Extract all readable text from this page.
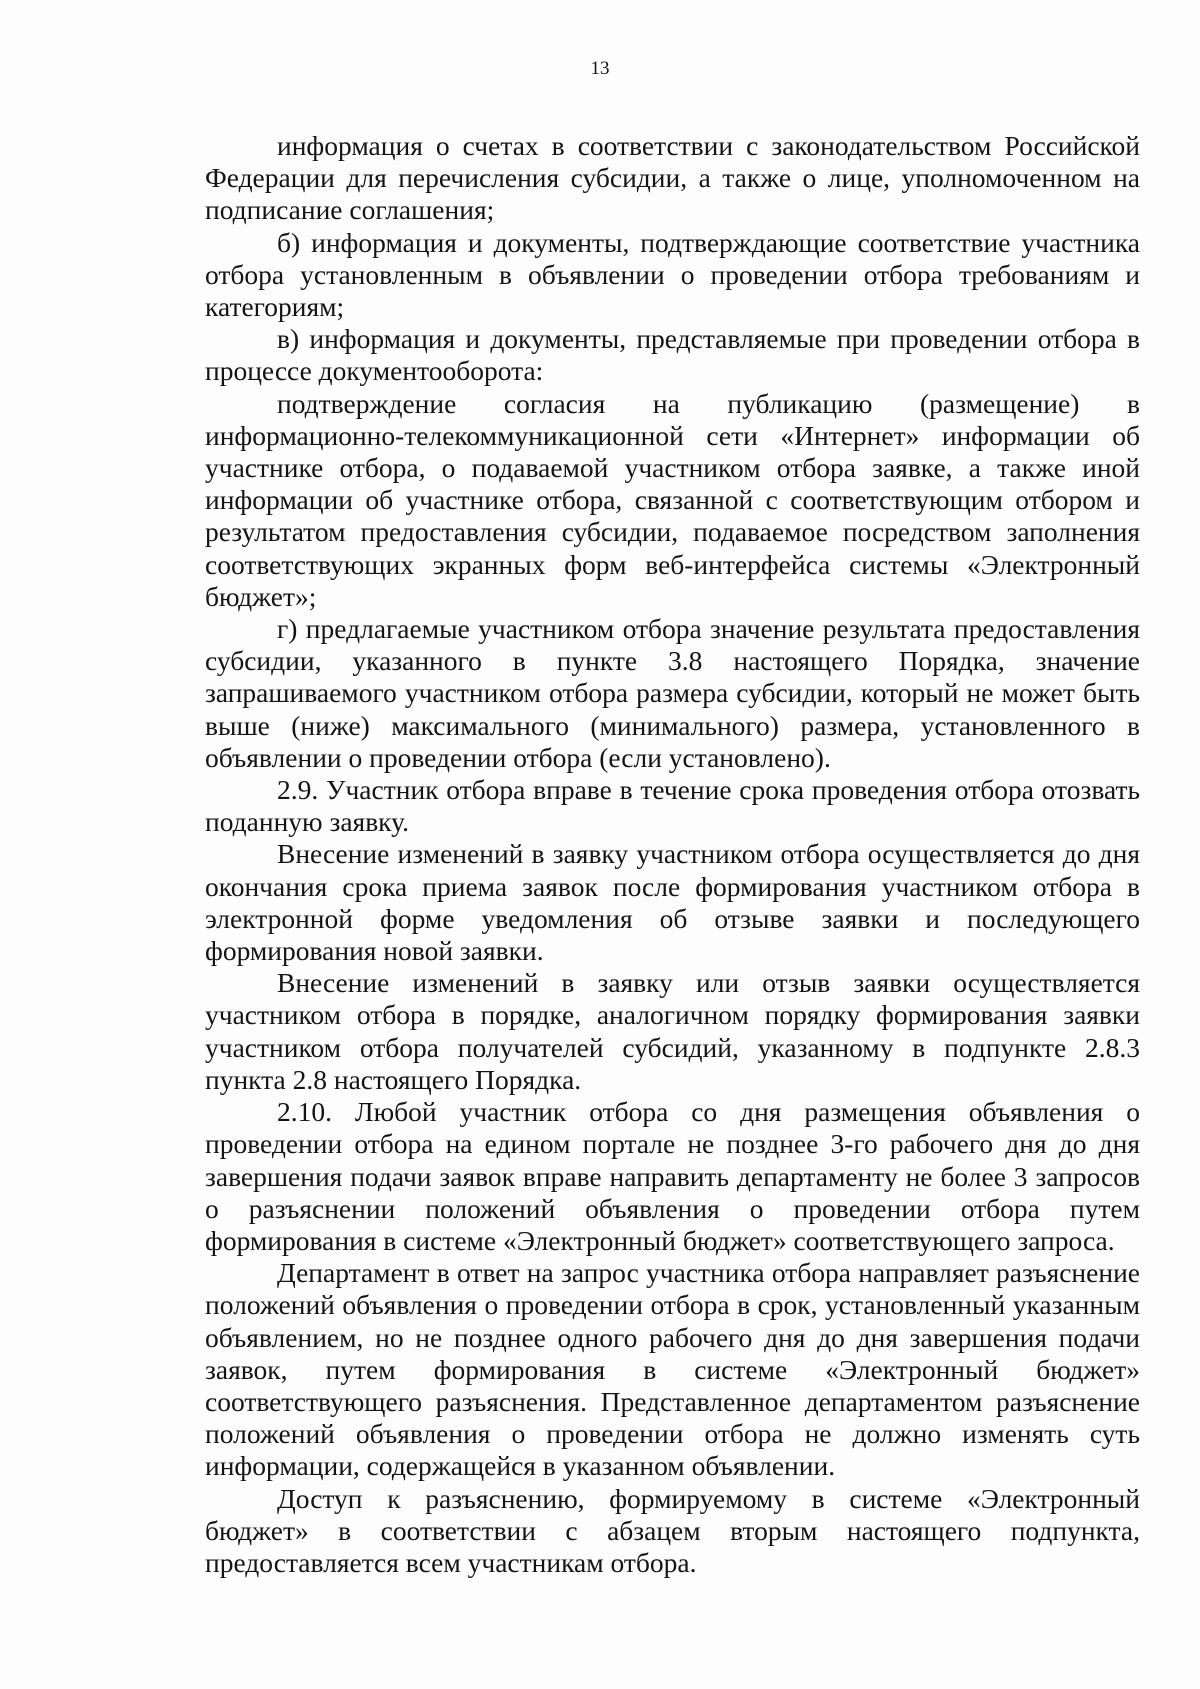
13

информация о счетах в соответствии с законодательством Российской Федерации для перечисления субсидии, а также о лице, уполномоченном на подписание соглашения;

б) информация и документы, подтверждающие соответствие участника отбора установленным в объявлении о проведении отбора требованиям и категориям;

в) информация и документы, представляемые при проведении отбора в процессе документооборота:

подтверждение согласия на публикацию (размещение) в информационно-телекоммуникационной сети «Интернет» информации об участнике отбора, о подаваемой участником отбора заявке, а также иной информации об участнике отбора, связанной с соответствующим отбором и результатом предоставления субсидии, подаваемое посредством заполнения соответствующих экранных форм веб-интерфейса системы «Электронный бюджет»;

г) предлагаемые участником отбора значение результата предоставления субсидии, указанного в пункте 3.8 настоящего Порядка, значение запрашиваемого участником отбора размера субсидии, который не может быть выше (ниже) максимального (минимального) размера, установленного в объявлении о проведении отбора (если установлено).

2.9. Участник отбора вправе в течение срока проведения отбора отозвать поданную заявку.

Внесение изменений в заявку участником отбора осуществляется до дня окончания срока приема заявок после формирования участником отбора в электронной форме уведомления об отзыве заявки и последующего формирования новой заявки.

Внесение изменений в заявку или отзыв заявки осуществляется участником отбора в порядке, аналогичном порядку формирования заявки участником отбора получателей субсидий, указанному в подпункте 2.8.3 пункта 2.8 настоящего Порядка.

2.10. Любой участник отбора со дня размещения объявления о проведении отбора на едином портале не позднее 3-го рабочего дня до дня завершения подачи заявок вправе направить департаменту не более 3 запросов о разъяснении положений объявления о проведении отбора путем формирования в системе «Электронный бюджет» соответствующего запроса.

Департамент в ответ на запрос участника отбора направляет разъяснение положений объявления о проведении отбора в срок, установленный указанным объявлением, но не позднее одного рабочего дня до дня завершения подачи заявок, путем формирования в системе «Электронный бюджет» соответствующего разъяснения. Представленное департаментом разъяснение положений объявления о проведении отбора не должно изменять суть информации, содержащейся в указанном объявлении.

Доступ к разъяснению, формируемому в системе «Электронный бюджет» в соответствии с абзацем вторым настоящего подпункта, предоставляется всем участникам отбора.
